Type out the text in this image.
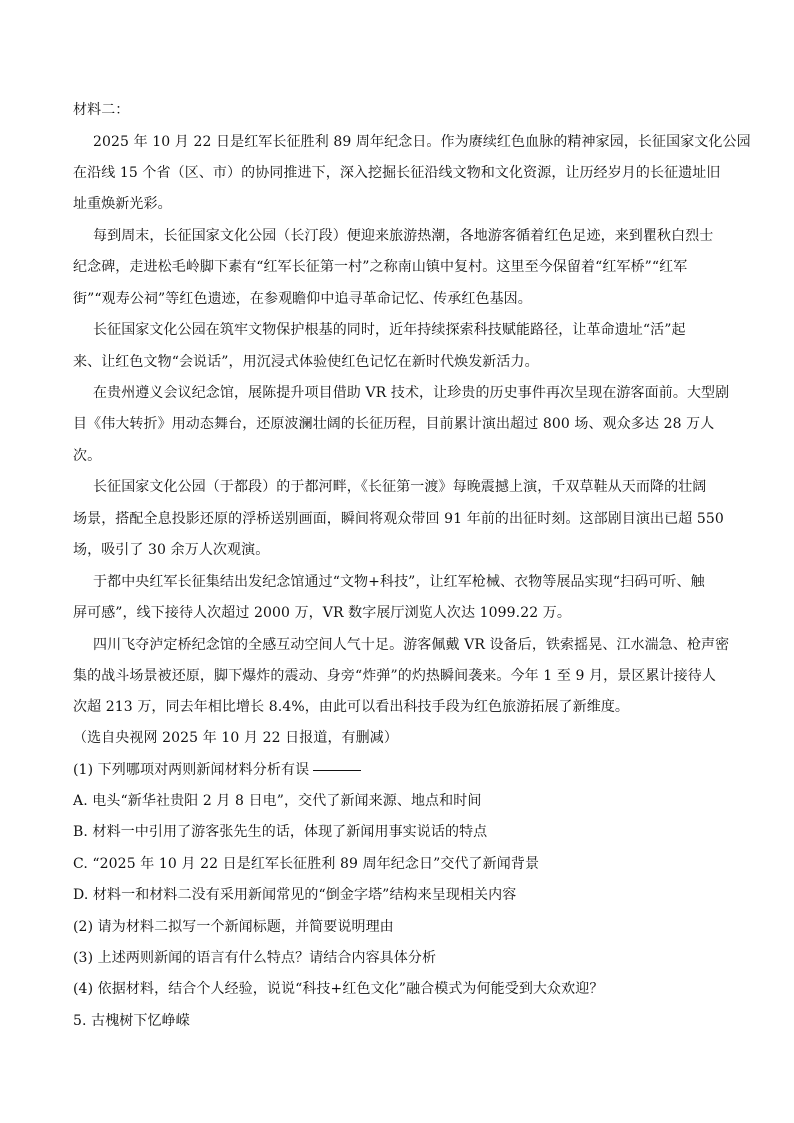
材料二：
2025 年 10 月 22 日是红军长征胜利 89 周年纪念日。作为赓续红色血脉的精神家园，长征国家文化公园
在沿线 15 个省（区、市）的协同推进下，深入挖掘长征沿线文物和文化资源，让历经岁月的长征遗址旧
址重焕新光彩。
每到周末，长征国家文化公园（长汀段）便迎来旅游热潮，各地游客循着红色足迹，来到瞿秋白烈士
纪念碑，走进松毛岭脚下素有“红军长征第一村”之称南山镇中复村。这里至今保留着“红军桥”“红军
街”“观寿公祠”等红色遗迹，在参观瞻仰中追寻革命记忆、传承红色基因。
长征国家文化公园在筑牢文物保护根基的同时，近年持续探索科技赋能路径，让革命遗址“活”起
来、让红色文物“会说话”，用沉浸式体验使红色记忆在新时代焕发新活力。
在贵州遵义会议纪念馆，展陈提升项目借助 VR 技术，让珍贵的历史事件再次呈现在游客面前。大型剧
目《伟大转折》用动态舞台，还原波澜壮阔的长征历程，目前累计演出超过 800 场、观众多达 28 万人
次。
长征国家文化公园（于都段）的于都河畔，《长征第一渡》每晚震撼上演，千双草鞋从天而降的壮阔
场景，搭配全息投影还原的浮桥送别画面，瞬间将观众带回 91 年前的出征时刻。这部剧目演出已超 550
场，吸引了 30 余万人次观演。
于都中央红军长征集结出发纪念馆通过“文物+科技”，让红军枪械、衣物等展品实现“扫码可听、触
屏可感”，线下接待人次超过 2000 万，VR 数字展厅浏览人次达 1099.22 万。
四川飞夺泸定桥纪念馆的全感互动空间人气十足。游客佩戴 VR 设备后，铁索摇晃、江水湍急、枪声密
集的战斗场景被还原，脚下爆炸的震动、身旁“炸弹”的灼热瞬间袭来。今年 1 至 9 月，景区累计接待人
次超 213 万，同去年相比增长 8.4%，由此可以看出科技手段为红色旅游拓展了新维度。
（选自央视网 2025 年 10 月 22 日报道，有删减）
(1) 下列哪项对两则新闻材料分析有误
A. 电头“新华社贵阳 2 月 8 日电”，交代了新闻来源、地点和时间
B. 材料一中引用了游客张先生的话，体现了新闻用事实说话的特点
C. “2025 年 10 月 22 日是红军长征胜利 89 周年纪念日”交代了新闻背景
D. 材料一和材料二没有采用新闻常见的“倒金字塔”结构来呈现相关内容
(2) 请为材料二拟写一个新闻标题，并简要说明理由
(3) 上述两则新闻的语言有什么特点？请结合内容具体分析
(4) 依据材料，结合个人经验，说说“科技+红色文化”融合模式为何能受到大众欢迎？
5. 古槐树下忆峥嵘
